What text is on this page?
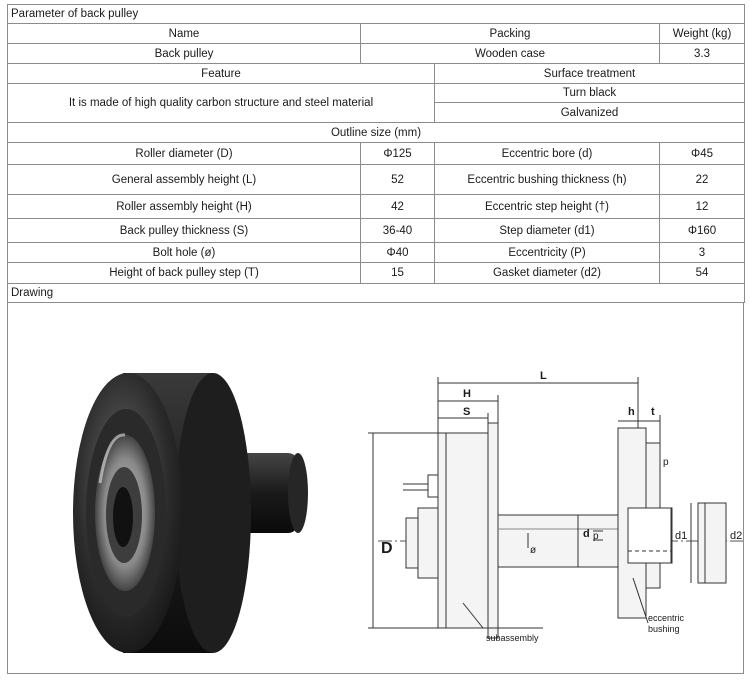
Parameter of back pulley			
Name	Packing		Weight (kg)
Back pulley	Wooden case		3.3
Feature		Surface treatment	
It is made of high quality carbon structure and steel material		Turn black	
		Galvanized	
Outline size (mm)			
Roller diameter (D)	Φ125	Eccentric bore (d)	Φ45
General assembly height (L)	52	Eccentric bushing thickness (h)	22
Roller assembly height (H)	42	Eccentric step height (†)	12
Back pulley thickness (S)	36-40	Step diameter (d1)	Φ160
Bolt hole (ø)	Φ40	Eccentricity (P)	3
Height of back pulley step (T)	15	Gasket diameter (d2)	54
Drawing			
L
H
S
D
h t
p
d	d1	d2
ø
p
subassembly
eccentric
bushing
